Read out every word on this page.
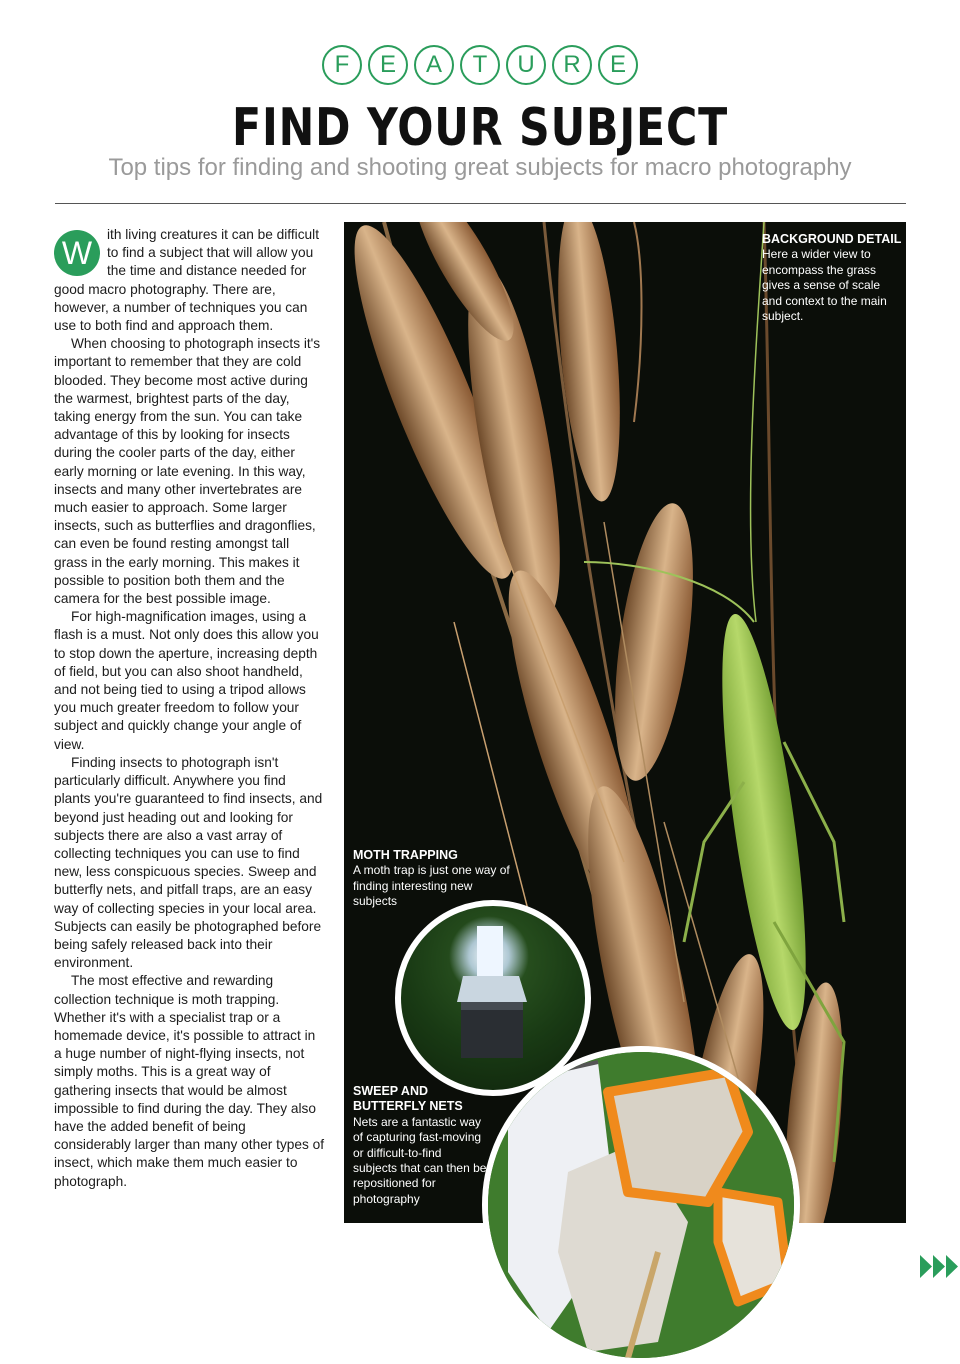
F	E	A	T	U	R	E
FIND YOUR SUBJECT
Top tips for finding and shooting great subjects for macro photography
W

ith living creatures it can be difficult to find a subject that will allow you the time and distance needed for good macro photography. There are, however, a number of techniques you can use to both find and approach them.

When choosing to photograph insects it's important to remember that they are cold blooded. They become most active during the warmest, brightest parts of the day, taking energy from the sun. You can take advantage of this by looking for insects during the cooler parts of the day, either early morning or late evening. In this way, insects and many other invertebrates are much easier to approach. Some larger insects, such as butterflies and dragonflies, can even be found resting amongst tall grass in the early morning. This makes it possible to position both them and the camera for the best possible image.

For high-magnification images, using a flash is a must. Not only does this allow you to stop down the aperture, increasing depth of field, but you can also shoot handheld, and not being tied to using a tripod allows you much greater freedom to follow your subject and quickly change your angle of view.

Finding insects to photograph isn't particularly difficult. Anywhere you find plants you're guaranteed to find insects, and beyond just heading out and looking for subjects there are also a vast array of collecting techniques you can use to find new, less conspicuous species. Sweep and butterfly nets, and pitfall traps, are an easy way of collecting species in your local area. Subjects can easily be photographed before being safely released back into their environment.

The most effective and rewarding collection technique is moth trapping. Whether it's with a specialist trap or a homemade device, it's possible to attract in a huge number of night-flying insects, not simply moths. This is a great way of gathering insects that would be almost impossible to find during the day. They also have the added benefit of being considerably larger than many other types of insect, which make them much easier to photograph.

BACKGROUND DETAIL
Here a wider view to encompass the grass gives a sense of scale and context to the main subject.
MOTH TRAPPING
A moth trap is just one way of finding interesting new subjects
SWEEP AND BUTTERFLY NETS
Nets are a fantastic way of capturing fast-moving or difficult-to-find subjects that can then be repositioned for photography
